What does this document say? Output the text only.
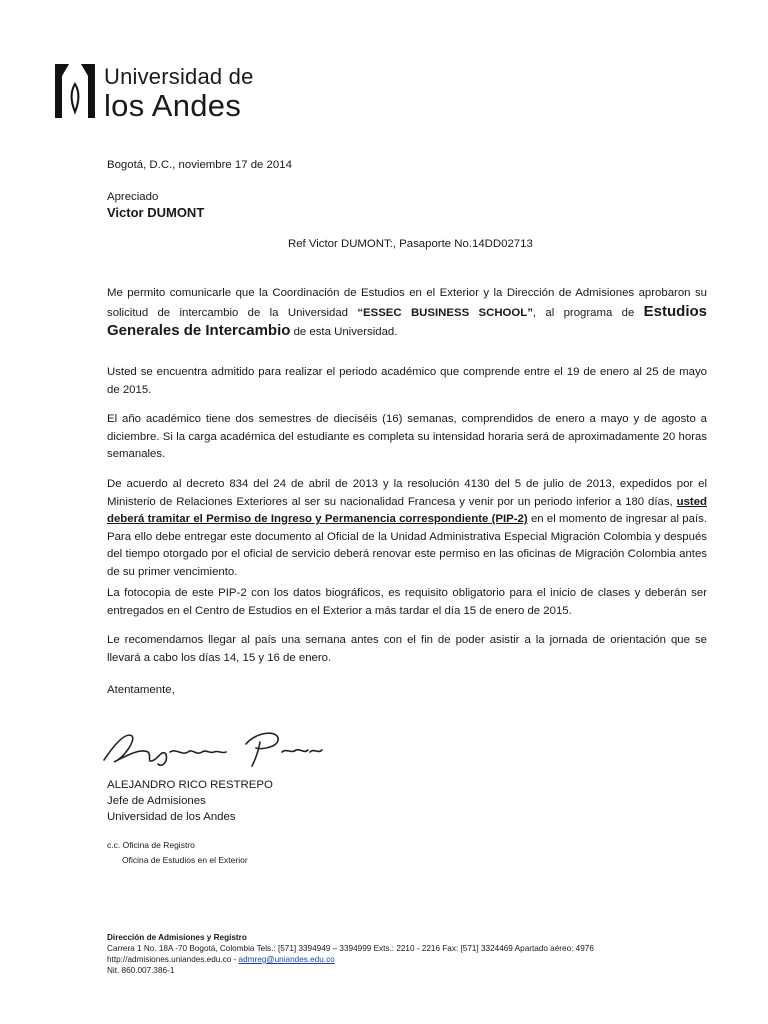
Universidad de
los Andes
Bogotá, D.C., noviembre 17 de 2014
Apreciado
Victor DUMONT
Ref Victor DUMONT:, Pasaporte No.14DD02713
Me permito comunicarle que la Coordinación de Estudios en el Exterior y la Dirección de Admisiones aprobaron su solicitud de intercambio de la Universidad “ESSEC BUSINESS SCHOOL”, al programa de Estudios Generales de Intercambio de esta Universidad.
Usted se encuentra admitido para realizar el periodo académico que comprende entre el 19 de enero al 25 de mayo de 2015.
El año académico tiene dos semestres de dieciséis (16) semanas, comprendidos de enero a mayo y de agosto a diciembre. Si la carga académica del estudiante es completa su intensidad horaria será de aproximadamente 20 horas semanales.
De acuerdo al decreto 834 del 24 de abril de 2013 y la resolución 4130 del 5 de julio de 2013, expedidos por el Ministerio de Relaciones Exteriores al ser su nacionalidad Francesa y venir por un periodo inferior a 180 días, usted deberá tramitar el Permiso de Ingreso y Permanencia correspondiente (PIP-2) en el momento de ingresar al país. Para ello debe entregar este documento al Oficial de la Unidad Administrativa Especial Migración Colombia y después del tiempo otorgado por el oficial de servicio deberá renovar este permiso en las oficinas de Migración Colombia antes de su primer vencimiento.
La fotocopia de este PIP-2 con los datos biográficos, es requisito obligatorio para el inicio de clases y deberán ser entregados en el Centro de Estudios en el Exterior a más tardar el día 15 de enero de 2015.
Le recomendamos llegar al país una semana antes con el fin de poder asistir a la jornada de orientación que se llevará a cabo los días 14, 15 y 16 de enero.
Atentamente,
ALEJANDRO RICO RESTREPO
Jefe de Admisiones
Universidad de los Andes
c.c. Oficina de Registro
Oficina de Estudios en el Exterior
Dirección de Admisiones y Registro
Carrera 1 No. 18A -70 Bogotá, Colombia Tels.: [571] 3394949 – 3394999 Exts.: 2210 - 2216 Fax: [571] 3324469 Apartado aéreo: 4976
http://admisiones.uniandes.edu.co - admreg@uniandes.edu.co
Nit. 860.007.386-1
